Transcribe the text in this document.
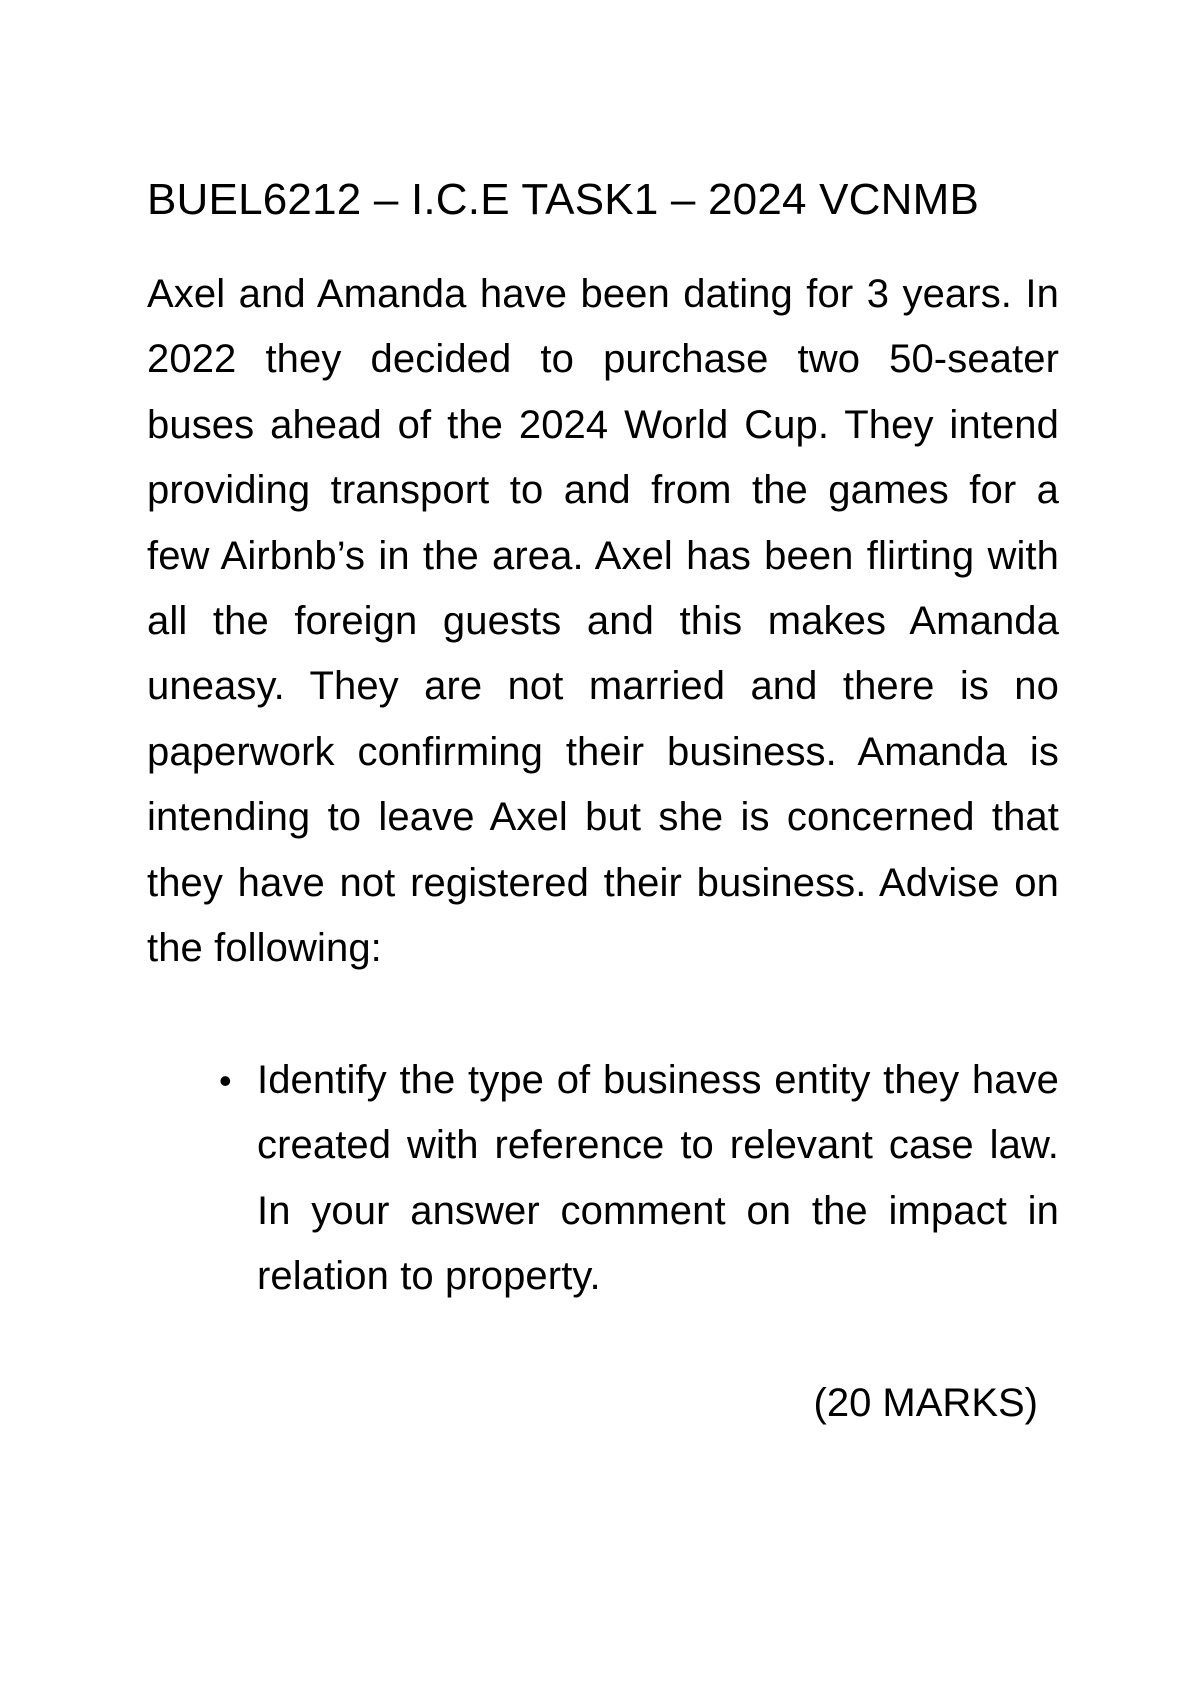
BUEL6212 – I.C.E TASK1 – 2024 VCNMB

Axel and Amanda have been dating for 3 years. In 2022 they decided to purchase two 50-seater buses ahead of the 2024 World Cup. They intend providing transport to and from the games for a few Airbnb’s in the area. Axel has been flirting with all the foreign guests and this makes Amanda uneasy. They are not married and there is no paperwork confirming their business. Amanda is intending to leave Axel but she is concerned that they have not registered their business. Advise on the following:

• Identify the type of business entity they have created with reference to relevant case law. In your answer comment on the impact in relation to property.
(20 MARKS)
